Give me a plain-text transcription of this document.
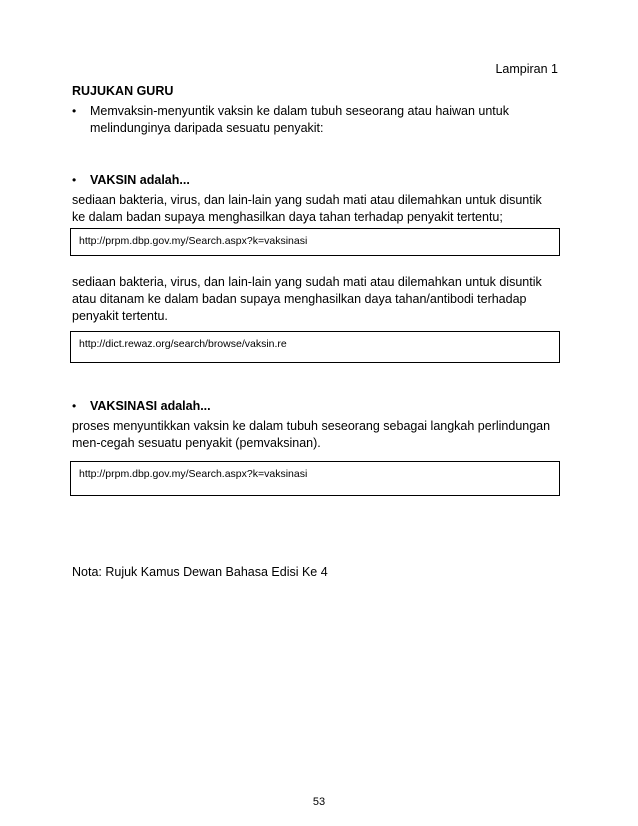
Lampiran 1
RUJUKAN GURU
•	Memvaksin-menyuntik vaksin ke dalam tubuh seseorang atau haiwan untuk
melindunginya daripada sesuatu penyakit:
•	VAKSIN adalah...
sediaan bakteria, virus, dan lain-lain yang sudah mati atau dilemahkan untuk disuntik
ke dalam badan supaya menghasilkan daya tahan terhadap penyakit tertentu;
http://prpm.dbp.gov.my/Search.aspx?k=vaksinasi
sediaan bakteria, virus, dan lain-lain yang sudah mati atau dilemahkan untuk disuntik
atau ditanam ke dalam badan supaya menghasilkan daya tahan/antibodi terhadap
penyakit tertentu.
http://dict.rewaz.org/search/browse/vaksin.re
•	VAKSINASI adalah...
proses menyuntikkan vaksin ke dalam tubuh seseorang sebagai langkah perlindungan
men-cegah sesuatu penyakit (pemvaksinan).
http://prpm.dbp.gov.my/Search.aspx?k=vaksinasi
Nota: Rujuk Kamus Dewan Bahasa Edisi Ke 4
53
